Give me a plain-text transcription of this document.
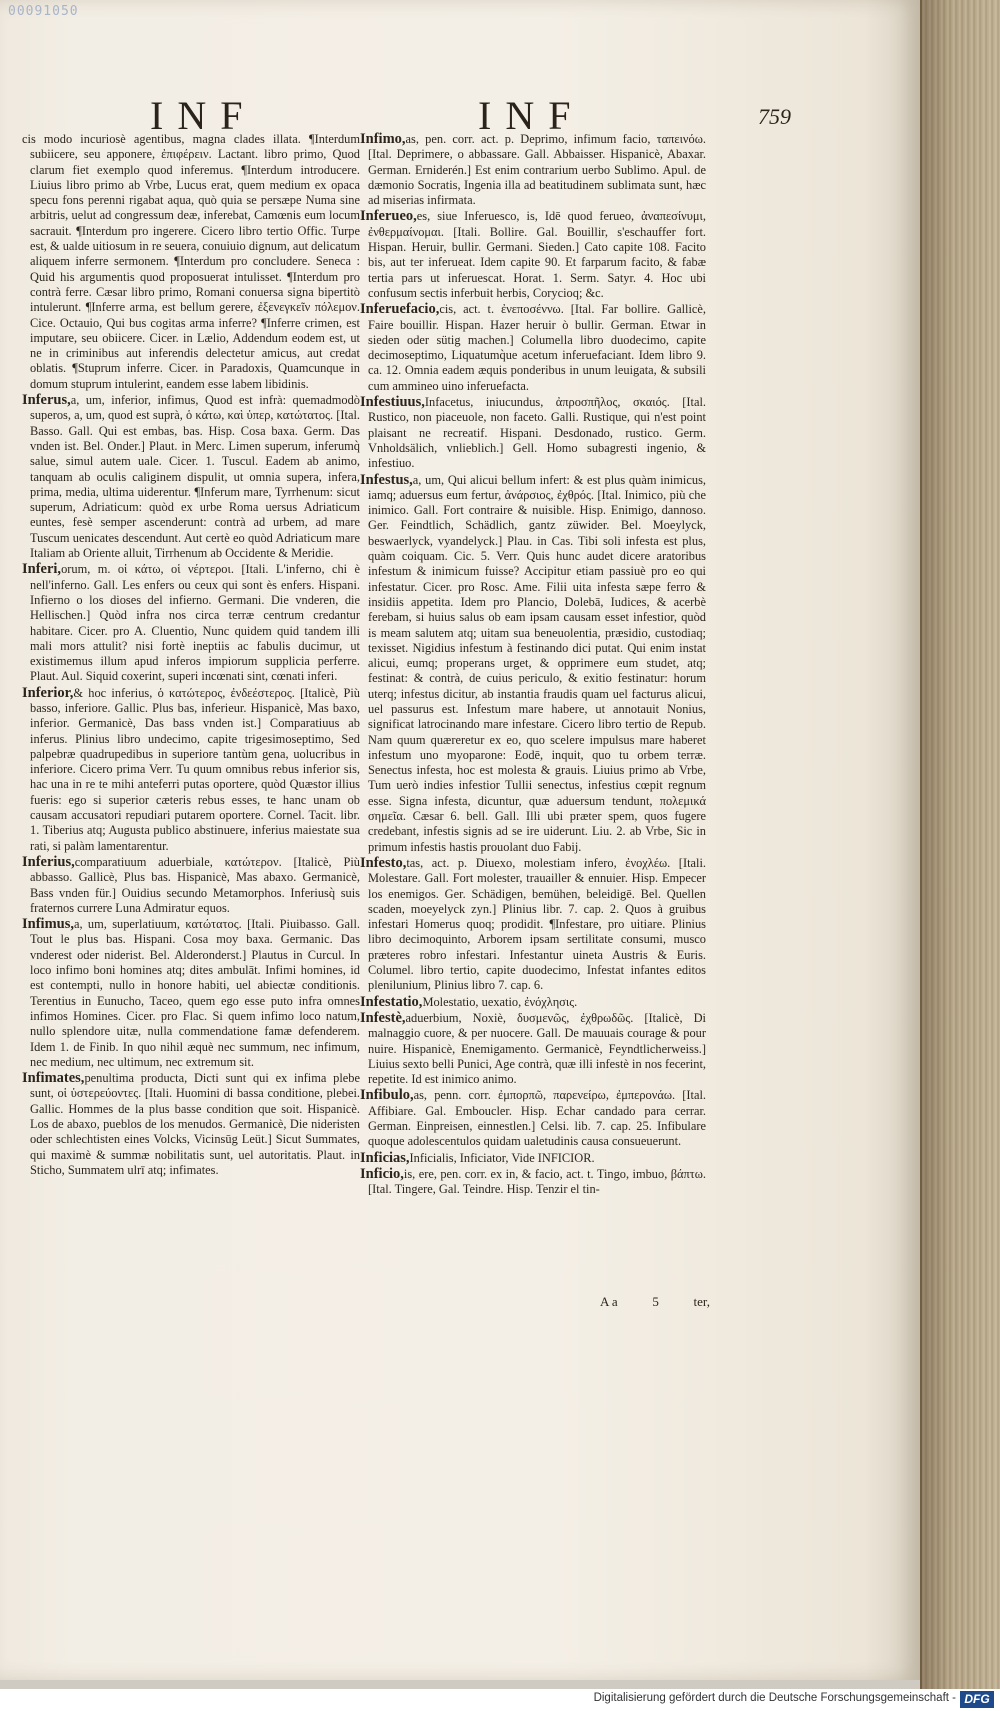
00091050
INF	INF	759

cis modo incuriosè agentibus, magna clades illata. ¶Interdum subiicere, seu apponere, ἐπιφέρειν. Lactant. libro primo, Quod clarum fiet exemplo quod inferemus. ¶Interdum introducere. Liuius libro primo ab Vrbe, Lucus erat, quem medium ex opaca specu fons perenni rigabat aqua, quò quia se persæpe Numa sine arbitris, uelut ad congressum deæ, inferebat, Camœnis eum locum sacrauit. ¶Interdum pro ingerere. Cicero libro tertio Offic. Turpe est, & ualde uitiosum in re seuera, conuiuio dignum, aut delicatum aliquem inferre sermonem. ¶Interdum pro concludere. Seneca : Quid his argumentis quod proposuerat intulisset. ¶Interdum pro contrà ferre. Cæsar libro primo, Romani conuersa signa bipertitò intulerunt. ¶Inferre arma, est bellum gerere, ἐξενεγκεῖν πόλεμον. Cice. Octauio, Qui bus cogitas arma inferre? ¶Inferre crimen, est imputare, seu obiicere. Cicer. in Lælio, Addendum eodem est, ut ne in criminibus aut inferendis delectetur amicus, aut credat oblatis. ¶Stuprum inferre. Cicer. in Paradoxis, Quamcunque in domum stuprum intulerint, eandem esse labem libidinis.

Inferus,a, um, inferior, infimus, Quod est infrà: quemadmodò superos, a, um, quod est suprà, ὁ κάτω, καὶ ὑπερ, κατώτατος. [Ital. Basso. Gall. Qui est embas, bas. Hisp. Cosa baxa. Germ. Das vnden ist. Bel. Onder.] Plaut. in Merc. Limen superum, inferumq̀ salue, simul autem uale. Cicer. 1. Tuscul. Eadem ab animo, tanquam ab oculis caliginem dispulit, ut omnia supera, infera, prima, media, ultima uiderentur. ¶Inferum mare, Tyrrhenum: sicut superum, Adriaticum: quòd ex urbe Roma uersus Adriaticum euntes, fesè semper ascenderunt: contrà ad urbem, ad mare Tuscum uenicates descendunt. Aut certè eo quòd Adriaticum mare Italiam ab Oriente alluit, Tirrhenum ab Occidente & Meridie.

Inferi,orum, m. οἱ κάτω, οἱ νέρτεροι. [Itali. L'inferno, chi è nell'inferno. Gall. Les enfers ou ceux qui sont ès enfers. Hispani. Infierno o los dioses del infierno. Germani. Die vnderen, die Hellischen.] Quòd infra nos circa terræ centrum credantur habitare. Cicer. pro A. Cluentio, Nunc quidem quid tandem illi mali mors attulit? nisi fortè ineptiis ac fabulis ducimur, ut existimemus illum apud inferos impiorum supplicia perferre. Plaut. Aul. Siquid coxerint, superi incœnati sint, cœnati inferi.

Inferior,& hoc inferius, ὁ κατώτερος, ἐνδεέστερος. [Italicè, Più basso, inferiore. Gallic. Plus bas, inferieur. Hispanicè, Mas baxo, inferior. Germanicè, Das bass vnden ist.] Comparatiuus ab inferus. Plinius libro undecimo, capite trigesimoseptimo, Sed palpebræ quadrupedibus in superiore tantùm gena, uolucribus in inferiore. Cicero prima Verr. Tu quum omnibus rebus inferior sis, hac una in re te mihi anteferri putas oportere, quòd Quæstor illius fueris: ego si superior cæteris rebus esses, te hanc unam ob causam accusatori repudiari putarem oportere. Cornel. Tacit. libr. 1. Tiberius atq; Augusta publico abstinuere, inferius maiestate sua rati, si palàm lamentarentur.

Inferius,comparatiuum aduerbiale, κατώτερον. [Italicè, Più abbasso. Gallicè, Plus bas. Hispanicè, Mas abaxo. Germanicè, Bass vnden für.] Ouidius secundo Metamorphos. Inferiusq̀ suis fraternos currere Luna Admiratur equos.

Infimus,a, um, superlatiuum, κατώτατος. [Itali. Piuibasso. Gall. Tout le plus bas. Hispani. Cosa moy baxa. Germanic. Das vnderest oder niderist. Bel. Alderonderst.] Plautus in Curcul. In loco infimo boni homines atq; dites ambulāt. Infimi homines, id est contempti, nullo in honore habiti, uel abiectæ conditionis. Terentius in Eunucho, Taceo, quem ego esse puto infra omnes infimos Homines. Cicer. pro Flac. Si quem infimo loco natum, nullo splendore uitæ, nulla commendatione famæ defenderem. Idem 1. de Finib. In quo nihil æquè nec summum, nec infimum, nec medium, nec ultimum, nec extremum sit.

Infimates,penultima producta, Dicti sunt qui ex infima plebe sunt, οἱ ὑστερεύοντες. [Itali. Huomini di bassa conditione, plebei. Gallic. Hommes de la plus basse condition que soit. Hispanicè. Los de abaxo, pueblos de los menudos. Germanicè, Die nideristen oder schlechtisten eines Volcks, Vicinsūg Leüt.] Sicut Summates, qui maximè & summæ nobilitatis sunt, uel autoritatis. Plaut. in Sticho, Summatem ulrī atq; infimates.

Infimo,as, pen. corr. act. p. Deprimo, infimum facio, ταπεινόω. [Ital. Deprimere, o abbassare. Gall. Abbaisser. Hispanicè, Abaxar. German. Erniderén.] Est enim contrarium uerbo Sublimo. Apul. de dæmonio Socratis, Ingenia illa ad beatitudinem sublimata sunt, hæc ad miserias infirmata.

Inferueo,es, siue Inferuesco, is, Idē quod ferueo, ἀναπεσίνυμι, ἐνθερμαίνομαι. [Itali. Bollire. Gal. Bouillir, s'eschauffer fort. Hispan. Heruir, bullir. Germani. Sieden.] Cato capite 108. Facito bis, aut ter inferueat. Idem capite 90. Et farparum facito, & fabæ tertia pars ut inferuescat. Horat. 1. Serm. Satyr. 4. Hoc ubi confusum sectis inferbuit herbis, Corycioq; &c.

Inferuefacio,cis, act. t. ἐνεποσέννω. [Ital. Far bollire. Gallicè, Faire bouillir. Hispan. Hazer heruir ò bullir. German. Etwar in sieden oder sütig machen.] Columella libro duodecimo, capite decimoseptimo, Liquatumq̀ue acetum inferuefaciant. Idem libro 9. ca. 12. Omnia eadem æquis ponderibus in unum leuigata, & subsili cum ammineo uino inferuefacta.

Infestiuus,Infacetus, iniucundus, ἀπροσπῆλος, σκαιός. [Ital. Rustico, non piaceuole, non faceto. Galli. Rustique, qui n'est point plaisant ne recreatif. Hispani. Desdonado, rustico. Germ. Vnholdsälich, vnlieblich.] Gell. Homo subagresti ingenio, & infestiuo.

Infestus,a, um, Qui alicui bellum infert: & est plus quàm inimicus, iamq; aduersus eum fertur, ἀνάρσιος, ἐχθρός. [Ital. Inimico, più che inimico. Gall. Fort contraire & nuisible. Hisp. Enimigo, dannoso. Ger. Feindtlich, Schädlich, gantz züwider. Bel. Moeylyck, beswaerlyck, vyandelyck.] Plau. in Cas. Tibi soli infesta est plus, quàm coiquam. Cic. 5. Verr. Quis hunc audet dicere aratoribus infestum & inimicum fuisse? Accipitur etiam passiuè pro eo qui infestatur. Cicer. pro Rosc. Ame. Filii uita infesta sæpe ferro & insidiis appetita. Idem pro Plancio, Dolebā, Iudices, & acerbè ferebam, si huius salus ob eam ipsam causam esset infestior, quòd is meam salutem atq; uitam sua beneuolentia, præsidio, custodiaq; texisset. Nigidius infestum à festinando dici putat. Qui enim instat alicui, eumq; properans urget, & opprimere eum studet, atq; festinat: & contrà, de cuius periculo, & exitio festinatur: horum uterq; infestus dicitur, ab instantia fraudis quam uel facturus alicui, uel passurus est. Infestum mare habere, ut annotauit Nonius, significat latrocinando mare infestare. Cicero libro tertio de Repub. Nam quum quæreretur ex eo, quo scelere impulsus mare haberet infestum uno myoparone: Eodē, inquit, quo tu orbem terræ. Senectus infesta, hoc est molesta & grauis. Liuius primo ab Vrbe, Tum uerò indies infestior Tullii senectus, infestius cœpit regnum esse. Signa infesta, dicuntur, quæ aduersum tendunt, πολεμικά σημεῖα. Cæsar 6. bell. Gall. Illi ubi præter spem, quos fugere credebant, infestis signis ad se ire uiderunt. Liu. 2. ab Vrbe, Sic in primum infestis hastis prouolant duo Fabij.

Infesto,tas, act. p. Diuexo, molestiam infero, ἐνοχλέω. [Itali. Molestare. Gall. Fort molester, trauailler & ennuier. Hisp. Empecer los enemigos. Ger. Schädigen, bemühen, beleidigē. Bel. Quellen scaden, moeyelyck zyn.] Plinius libr. 7. cap. 2. Quos à gruibus infestari Homerus quoq; prodidit. ¶Infestare, pro uitiare. Plinius libro decimoquinto, Arborem ipsam sertilitate consumi, musco præteres robro infestari. Infestantur uineta Austris & Euris. Columel. libro tertio, capite duodecimo, Infestat infantes editos plenilunium, Plinius libro 7. cap. 6.

Infestatio,Molestatio, uexatio, ἐνόχλησις.

Infestè,aduerbium, Noxiè, δυσμενῶς, ἐχθρωδῶς. [Italicè, Di malnaggio cuore, & per nuocere. Gall. De mauuais courage & pour nuire. Hispanicè, Enemigamento. Germanicè, Feyndtlicherweiss.] Liuius sexto belli Punici, Age contrà, quæ illi infestè in nos fecerint, repetite. Id est inimico animo.

Infibulo,as, penn. corr. ἐμπορπῶ, παρενείρω, ἐμπερονάω. [Ital. Affibiare. Gal. Emboucler. Hisp. Echar candado para cerrar. German. Einpreisen, einnestlen.] Celsi. lib. 7. cap. 25. Infibulare quoque adolescentulos quidam ualetudinis causa consueuerunt.

Inficias,Inficialis, Inficiator, Vide INFICIOR.

Inficio,is, ere, pen. corr. ex in, & facio, act. t. Tingo, imbuo, βάπτω. [Ital. Tingere, Gal. Teindre. Hisp. Tenzir el tin-

A a	5	ter,
Digitalisierung gefördert durch die Deutsche Forschungsgemeinschaft - DFG
